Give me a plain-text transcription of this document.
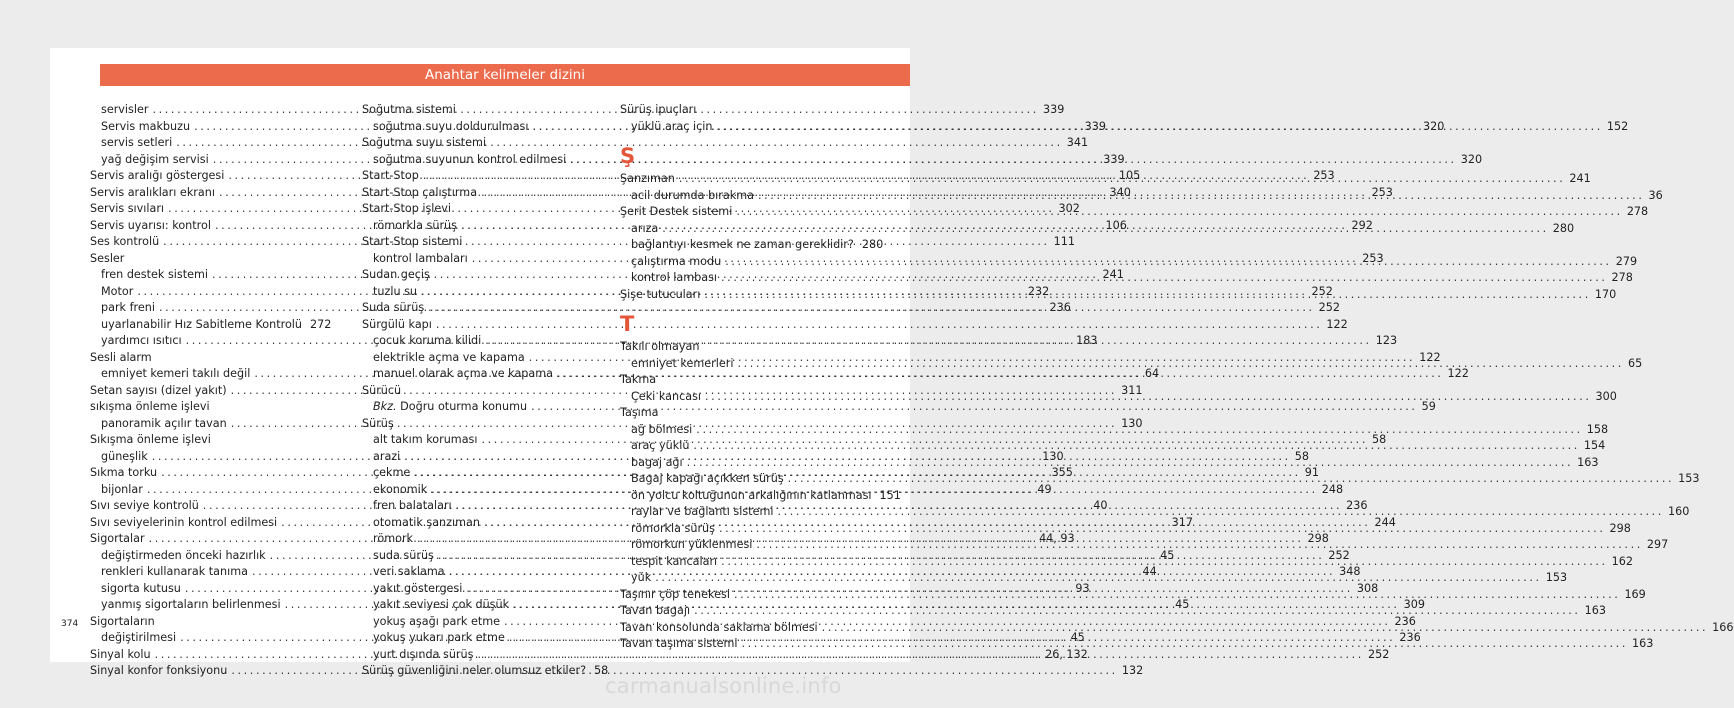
Anahtar kelimeler dizini
servisler .....	339
Servis makbuzu .....	339
servis setleri .....	341
yağ değişim servisi .....	339
Servis aralığı göstergesi .....	105
Servis aralıkları ekranı .....	340
Servis sıvıları .....	302
Servis uyarısı: kontrol .....	106
Ses kontrolü .....	111
Sesler
fren destek sistemi .....	241
Motor .....	232
park freni .....	236
uyarlanabilir Hız Sabitleme Kontrolü 272
yardımcı ısıtıcı .....	183
Sesli alarm
emniyet kemeri takılı değil .....	64
Setan sayısı (dizel yakıt) .....	311
sıkışma önleme işlevi
panoramik açılır tavan .....	130
Sıkışma önleme işlevi
güneşlik .....	130
Sıkma torku .....	355
bijonlar .....	49
Sıvı seviye kontrolü .....	40
Sıvı seviyelerinin kontrol edilmesi .....	317
Sigortalar .....	44, 93
değiştirmeden önceki hazırlık .....	45
renkleri kullanarak tanıma .....	44
sigorta kutusu .....	93
yanmış sigortaların belirlenmesi .....	45
Sigortaların
değiştirilmesi .....	45
Sinyal kolu .....	26, 132
Sinyal konfor fonksiyonu .....	132
Soğutma sistemi
soğutma suyu doldurulması .....	320
Soğutma suyu sistemi
soğutma suyunun kontrol edilmesi .....	320
Start-Stop .....	253
Start-Stop çalıştırma .....	253
Start-Stop işlevi
römorkla sürüş .....	292
Start-Stop sistemi
kontrol lambaları .....	253
Sudan geçiş
tuzlu su .....	252
Suda sürüş .....	252
Sürgülü kapı .....	122
çocuk koruma kilidi .....	123
elektrikle açma ve kapama .....	122
manuel olarak açma ve kapama .....	122
Sürücü
Bkz. Doğru oturma konumu .....	59
Sürüş
alt takım koruması .....	58
arazi .....	58
çekme .....	91
ekonomik .....	248
fren balataları .....	236
otomatik şanzıman .....	244
römork .....	298
suda sürüş .....	252
veri saklama .....	348
yakıt göstergesi .....	308
yakıt seviyesi çok düşük .....	309
yokuş aşağı park etme .....	236
yokuş yukarı park etme .....	236
yurt dışında sürüş .....	252
Sürüş güvenliğini neler olumsuz etkiler? 58
Sürüş ipuçları
yüklü araç için .....	152
Ş
Şanzıman .....	241
acil durumda bırakma .....	36
Şerit Destek sistemi .....	278
arıza .....	280
bağlantıyı kesmek ne zaman gereklidir? 280
çalıştırma modu .....	279
kontrol lambası .....	278
Şişe tutucuları .....	170
T
Takılı olmayan
emniyet kemerleri .....	65
Takma
Çeki kancası .....	300
Taşıma
ağ bölmesi .....	158
araç yüklü .....	154
bagaj ağı .....	163
Bagaj kapağı açıkken sürüş .....	153
ön yolcu koltuğunun arkalığının katlanması 151
raylar ve bağlantı sistemi .....	160
römorkla sürüş .....	298
römorkun yüklenmesi .....	297
tespit kancaları .....	162
yük .....	153
Taşınır çöp tenekesi .....	169
Tavan bagajı .....	163
Tavan konsolunda saklama bölmesi .....	166
Tavan taşıma sistemi .....	163
374
carmanualsonline.info
